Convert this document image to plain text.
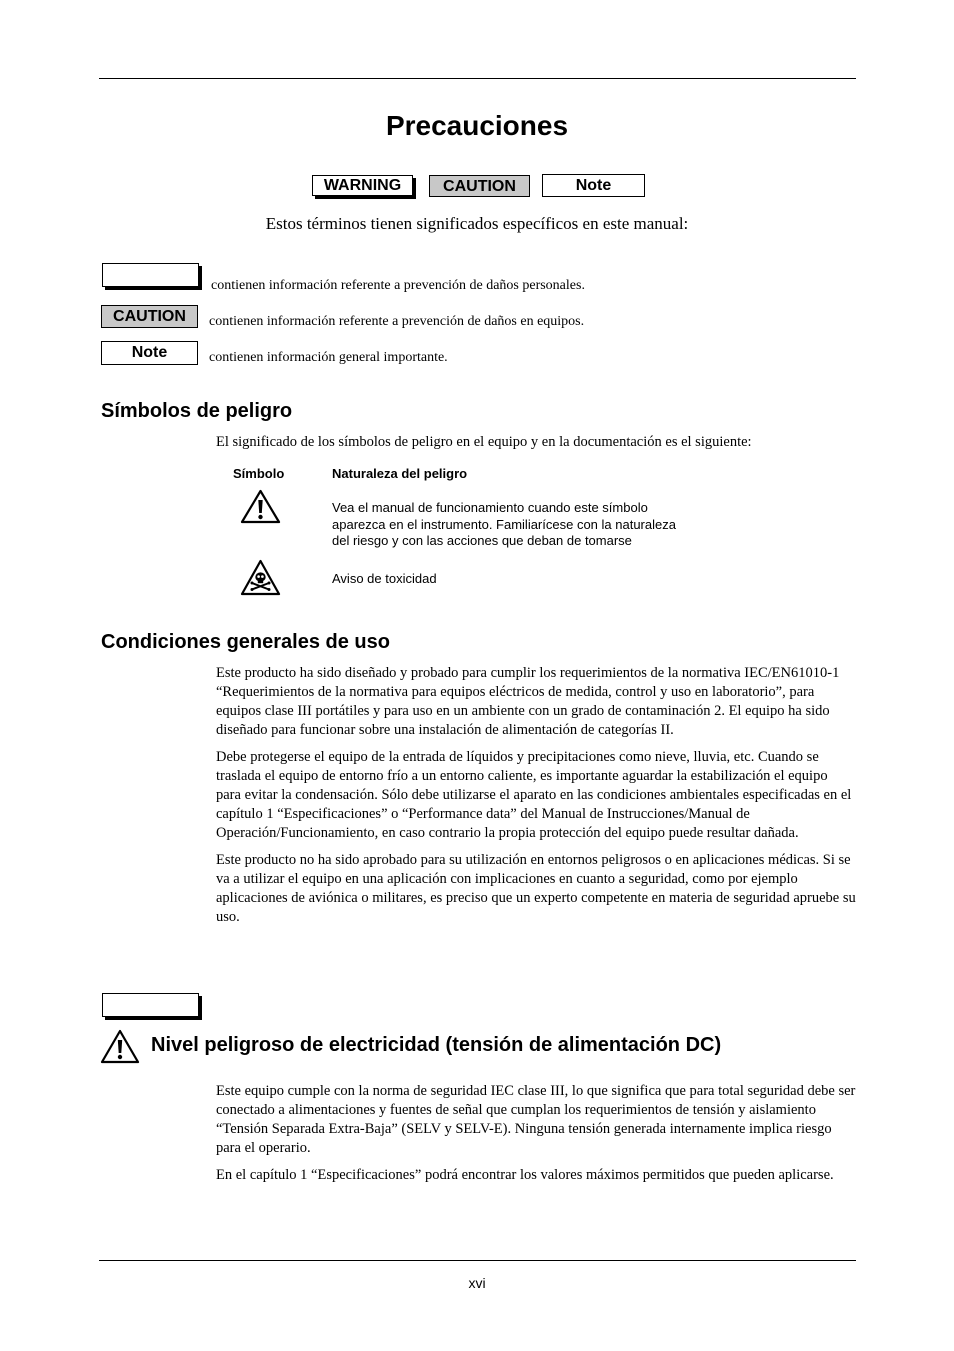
Precauciones
WARNING	CAUTION	Note
Estos términos tienen significados específicos en este manual:
contienen información referente a prevención de daños personales.
CAUTION	contienen información referente a prevención de daños en equipos.
Note	contienen información general importante.
Símbolos de peligro
El significado de los símbolos de peligro en el equipo y en la documentación es el siguiente:
Símbolo	Naturaleza del peligro
Vea el manual de funcionamiento cuando este símbolo aparezca en el instrumento. Familiarícese con la naturaleza del riesgo y con las acciones que deban de tomarse
Aviso de toxicidad
Condiciones generales de uso

Este producto ha sido diseñado y probado para cumplir los requerimientos de la normativa IEC/EN61010-1 “Requerimientos de la normativa para equipos eléctricos de medida, control y uso en laboratorio”, para equipos clase III portátiles y para uso en un ambiente con un grado de contaminación 2. El equipo ha sido diseñado para funcionar sobre una instalación de alimentación de categorías II.

Debe protegerse el equipo de la entrada de líquidos y precipitaciones como nieve, lluvia, etc. Cuando se traslada el equipo de entorno frío a un entorno caliente, es importante aguardar la estabilización el equipo para evitar la condensación. Sólo debe utilizarse el aparato en las condiciones ambientales especificadas en el capítulo 1 “Especificaciones” o “Performance data” del Manual de Instrucciones/Manual de Operación/Funcionamiento, en caso contrario la propia protección del equipo puede resultar dañada.

Este producto no ha sido aprobado para su utilización en entornos peligrosos o en aplicaciones médicas. Si se va a utilizar el equipo en una aplicación con implicaciones en cuanto a seguridad, como por ejemplo aplicaciones de aviónica o militares, es preciso que un experto competente en materia de seguridad apruebe su uso.

Nivel peligroso de electricidad (tensión de alimentación DC)

Este equipo cumple con la norma de seguridad IEC clase III, lo que significa que para total seguridad debe ser conectado a alimentaciones y fuentes de señal que cumplan los requerimientos de tensión y aislamiento “Tensión Separada Extra-Baja” (SELV y SELV-E). Ninguna tensión generada internamente implica riesgo para el operario.

En el capítulo 1 “Especificaciones” podrá encontrar los valores máximos permitidos que pueden aplicarse.

xvi
